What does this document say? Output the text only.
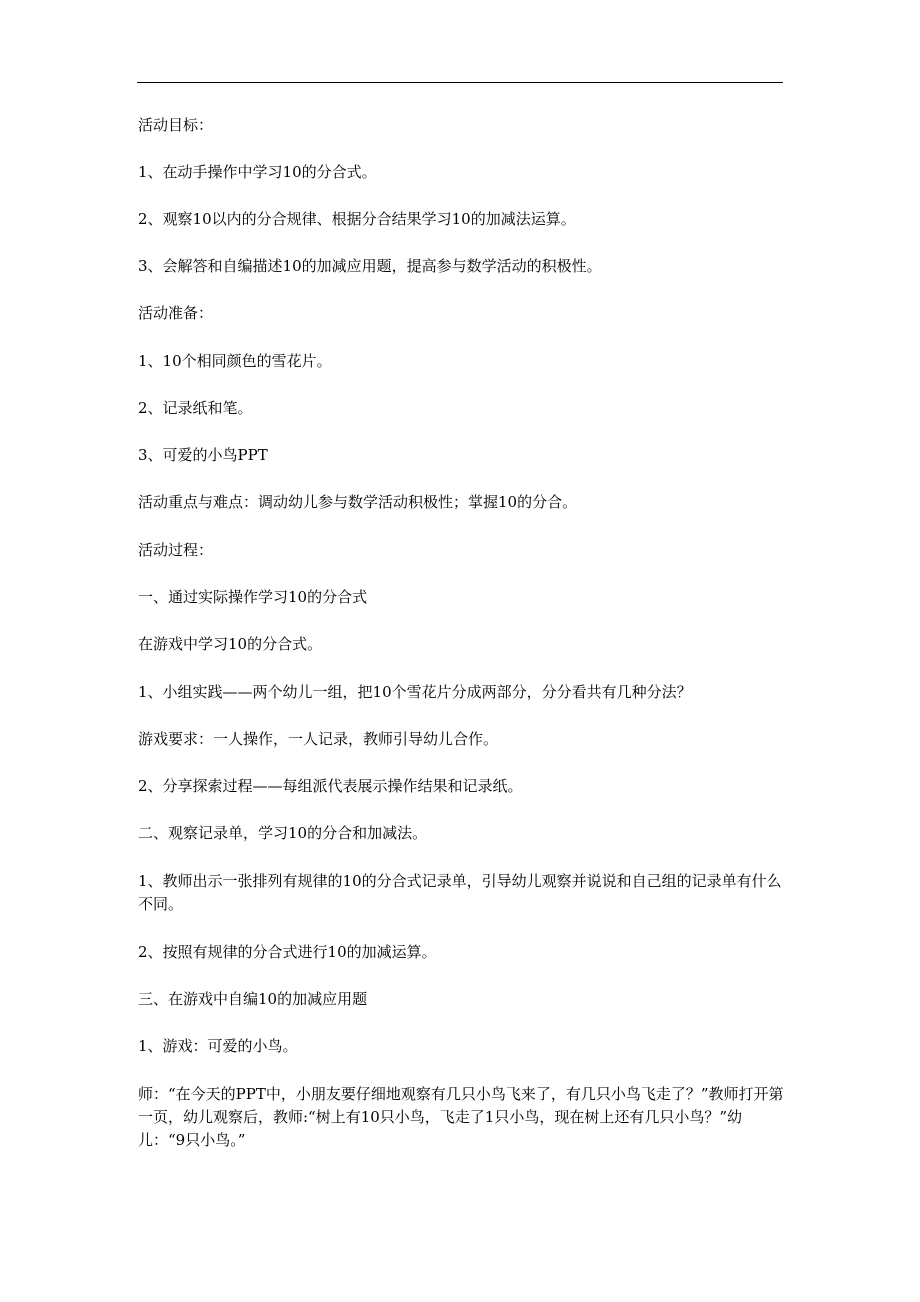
活动目标：
1、在动手操作中学习10的分合式。
2、观察10以内的分合规律、根据分合结果学习10的加减法运算。
3、会解答和自编描述10的加减应用题，提高参与数学活动的积极性。
活动准备：
1、10个相同颜色的雪花片。
2、记录纸和笔。
3、可爱的小鸟PPT
活动重点与难点：调动幼儿参与数学活动积极性；掌握10的分合。
活动过程：
一、通过实际操作学习10的分合式
在游戏中学习10的分合式。
1、小组实践——两个幼儿一组，把10个雪花片分成两部分，分分看共有几种分法？
游戏要求：一人操作，一人记录，教师引导幼儿合作。
2、分享探索过程——每组派代表展示操作结果和记录纸。
二、观察记录单，学习10的分合和加减法。
1、教师出示一张排列有规律的10的分合式记录单，引导幼儿观察并说说和自己组的记录单有什么不同。
2、按照有规律的分合式进行10的加减运算。
三、在游戏中自编10的加减应用题
1、游戏：可爱的小鸟。
师：“在今天的PPT中，小朋友要仔细地观察有几只小鸟飞来了，有几只小鸟飞走了？”教师打开第一页，幼儿观察后，教师:“树上有10只小鸟，飞走了1只小鸟，现在树上还有几只小鸟？”幼儿：“9只小鸟。”
